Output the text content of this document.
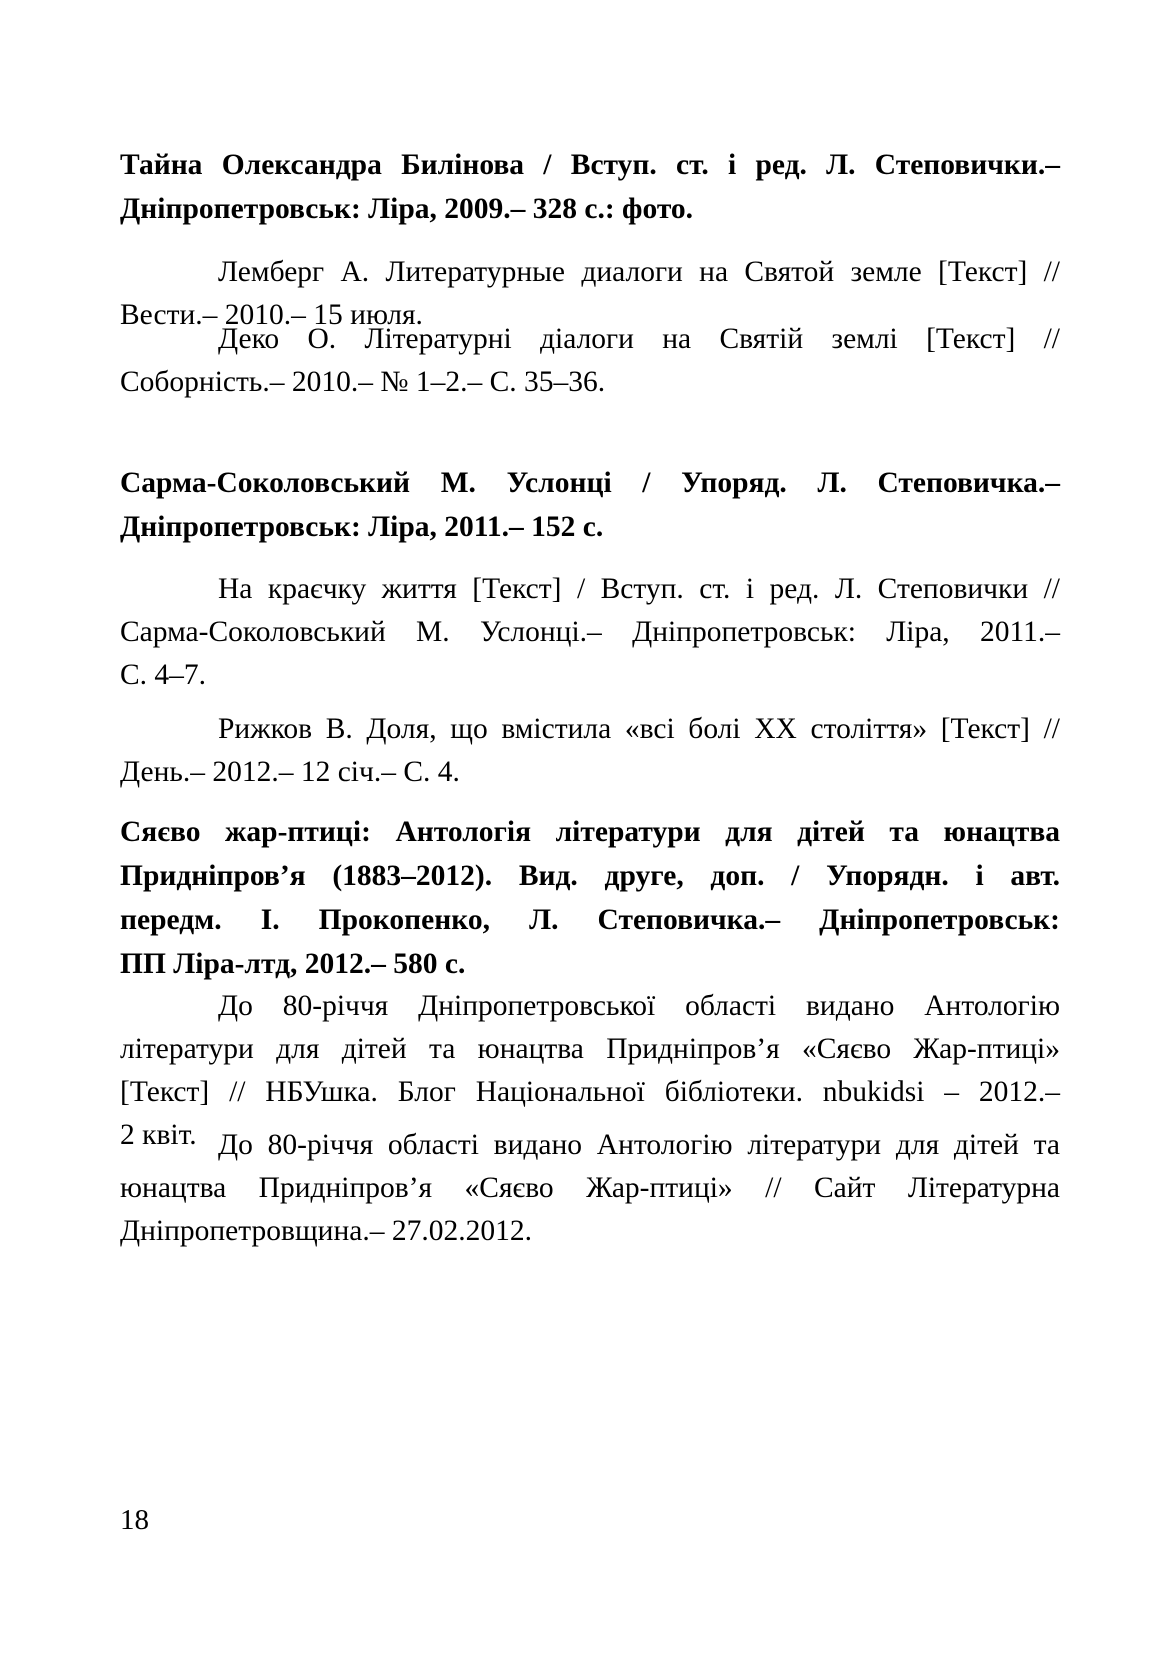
Тайна Олександра Билінова / Вступ. ст. і ред. Л. Степовички.–
Дніпропетровськ: Ліра, 2009.– 328 с.: фото.
Лемберг А. Литературные диалоги на Святой земле [Текст] //
Вести.– 2010.– 15 июля.
Деко О. Літературні діалоги на Святій землі [Текст] //
Соборність.– 2010.– № 1–2.– С. 35–36.
Сарма-Соколовський М. Услонці / Упоряд. Л. Степовичка.–
Дніпропетровськ: Ліра, 2011.– 152 с.
На краєчку життя [Текст] / Вступ. ст. і ред. Л. Степовички //
Сарма-Соколовський М. Услонці.– Дніпропетровськ: Ліра, 2011.–
С. 4–7.
Рижков В. Доля, що вмістила «всі болі XX століття» [Текст] //
День.– 2012.– 12 січ.– С. 4.
Сяєво жар-птиці: Антологія літератури для дітей та юнацтва
Придніпров’я (1883–2012). Вид. друге, доп. / Упорядн. і авт.
передм. І. Прокопенко, Л. Степовичка.– Дніпропетровськ:
ПП Ліра-лтд, 2012.– 580 с.
До 80-річчя Дніпропетровської області видано Антологію
літератури для дітей та юнацтва Придніпров’я «Сяєво Жар-птиці»
[Текст] // НБУшка. Блог Національної бібліотеки. nbukidsi – 2012.–
2 квіт. До 80-річчя області видано Антологію літератури для дітей та
юнацтва Придніпров’я «Сяєво Жар-птиці» // Сайт Літературна
Дніпропетровщина.– 27.02.2012.
18
